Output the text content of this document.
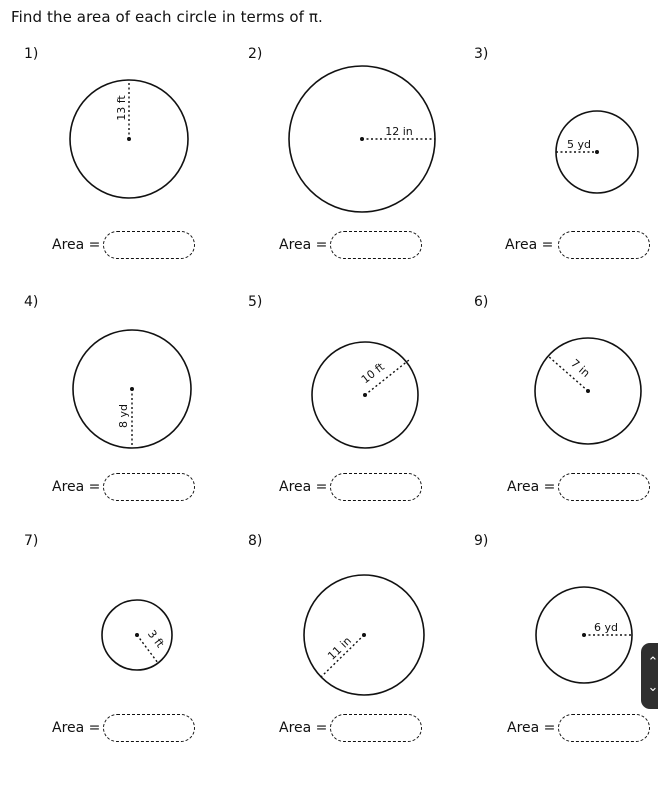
Find the area of each circle in terms of π.
1)	2)	3)
4)	5)	6)
7)	8)	9)
13 ft
12 in
5 yd
8 yd
10 ft	7 in
3 ft	11 in
6 yd
Area =	Area =	Area =
Area =	Area =	Area =
Area =	Area =	Area =
⌃
⌄
